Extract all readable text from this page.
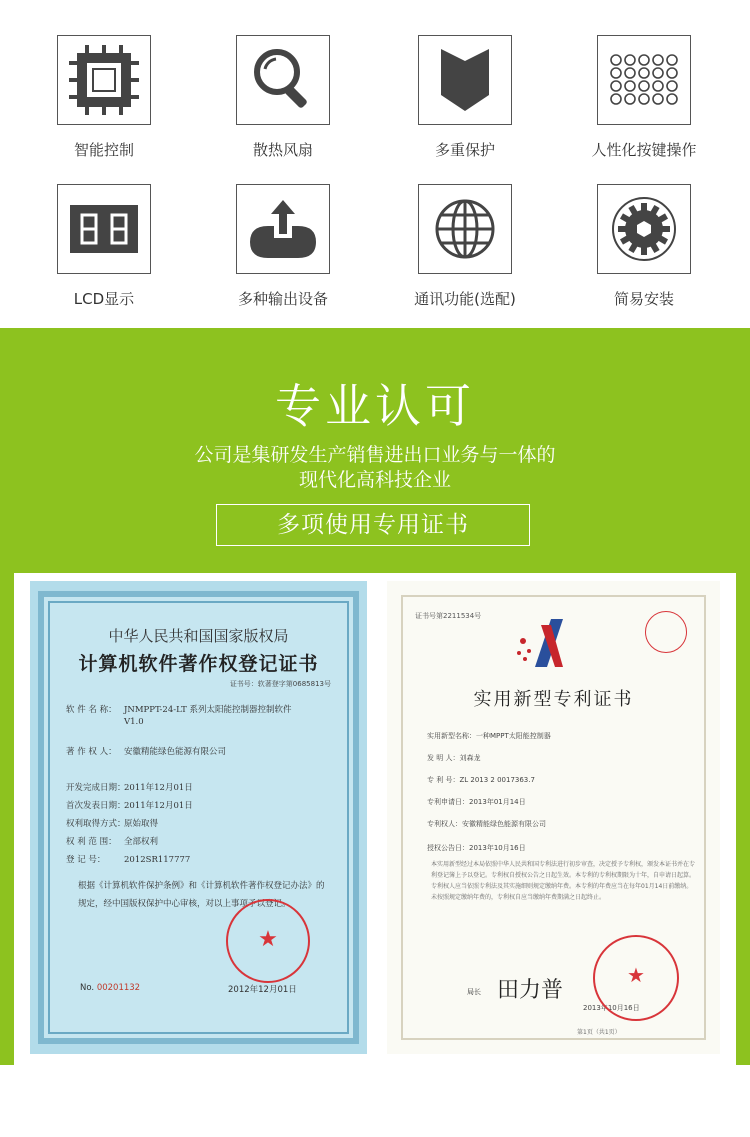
智能控制	散热风扇	多重保护	人性化按键操作
LCD显示	多种输出设备	通讯功能(选配)	简易安装
专业认可
公司是集研发生产销售进出口业务与一体的
现代化高科技企业
多项使用专用证书
中华人民共和国国家版权局
计算机软件著作权登记证书
证书号：软著登字第0685813号
软 件 名 称： JNMPPT-24-LT 系列太阳能控制器控制软件
V1.0
著 作 权 人： 安徽精能绿色能源有限公司
开发完成日期：2011年12月01日
首次发表日期：2011年12月01日
权利取得方式：原始取得
权 利 范 围： 全部权利
登 记 号： 2012SR117777
根据《计算机软件保护条例》和《计算机软件著作权登记办法》的
规定，经中国版权保护中心审核，对以上事项予以登记。
★
No. 00201132	2012年12月01日
证书号第2211534号
实用新型专利证书
实用新型名称：一种MPPT太阳能控制器
发 明 人：刘森龙
专 利 号：ZL 2013 2 0017363.7
专利申请日：2013年01月14日
专利权人：安徽精能绿色能源有限公司
授权公告日：2013年10月16日
本实用新型经过本局依照中华人民共和国专利法进行初步审查，决定授予专利权，颁发本证书并在专利登记簿上予以登记。专利权自授权公告之日起生效。本专利的专利权期限为十年，自申请日起算。专利权人应当依照专利法及其实施细则规定缴纳年费。本专利的年费应当在每年01月14日前缴纳。未按照规定缴纳年费的，专利权自应当缴纳年费期满之日起终止。
局长 田力普
★
2013年10月16日
第1页（共1页）
